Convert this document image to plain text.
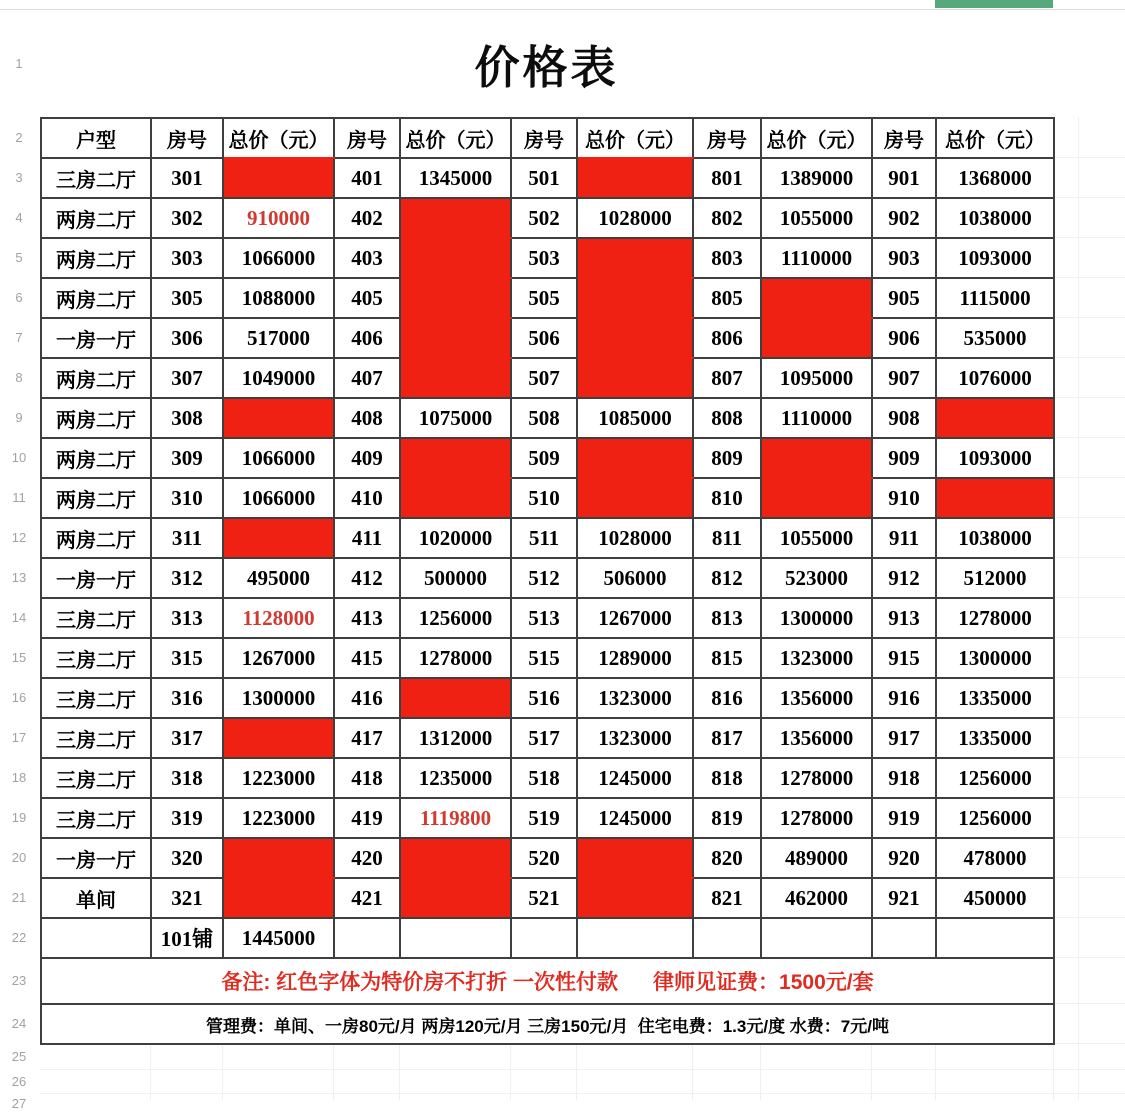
1
2
3
4
5
6
7
8
9
10
11
12
13
14
15
16
17
18
19
20
21
22
23
24
25
26
27
价格表
户型	房号	总价（元）	房号	总价（元）	房号	总价（元）	房号	总价（元）	房号	总价（元）
三房二厅	301		401	1345000	501		801	1389000	901	1368000
两房二厅	302	910000	402		502	1028000	802	1055000	902	1038000
两房二厅	303	1066000	403		503		803	1110000	903	1093000
两房二厅	305	1088000	405		505		805		905	1115000
一房一厅	306	517000	406		506		806		906	535000
两房二厅	307	1049000	407		507		807	1095000	907	1076000
两房二厅	308		408	1075000	508	1085000	808	1110000	908	
两房二厅	309	1066000	409		509		809		909	1093000
两房二厅	310	1066000	410		510		810		910	
两房二厅	311		411	1020000	511	1028000	811	1055000	911	1038000
一房一厅	312	495000	412	500000	512	506000	812	523000	912	512000
三房二厅	313	1128000	413	1256000	513	1267000	813	1300000	913	1278000
三房二厅	315	1267000	415	1278000	515	1289000	815	1323000	915	1300000
三房二厅	316	1300000	416		516	1323000	816	1356000	916	1335000
三房二厅	317		417	1312000	517	1323000	817	1356000	917	1335000
三房二厅	318	1223000	418	1235000	518	1245000	818	1278000	918	1256000
三房二厅	319	1223000	419	1119800	519	1245000	819	1278000	919	1256000
一房一厅	320		420		520		820	489000	920	478000
单间	321		421		521		821	462000	921	450000
	101铺	1445000								
备注: 红色字体为特价房不打折 一次性付款      律师见证费：1500元/套										
管理费：单间、一房80元/月 两房120元/月 三房150元/月  住宅电费：1.3元/度 水费：7元/吨										
